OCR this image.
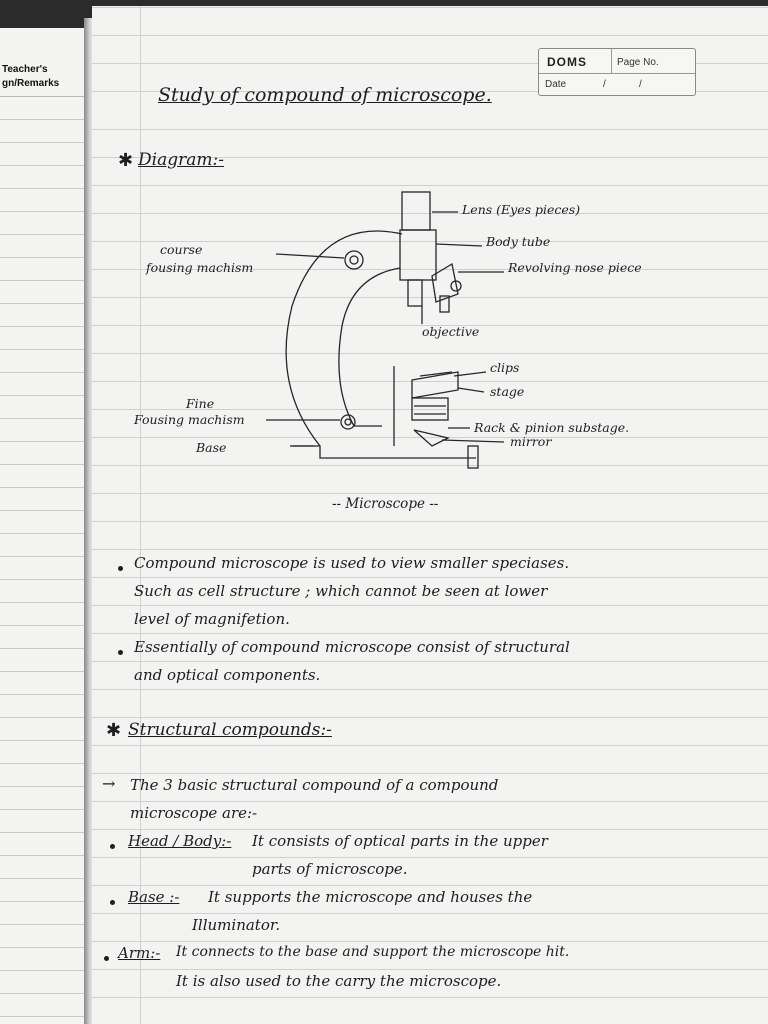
Teacher's
gn/Remarks
DOMS	Page No.
Date	/	/
Study of compound of microscope.
✱ Diagram:-
Lens (Eyes pieces)
Body tube
Revolving nose piece
course
fousing machism
objective
clips
stage
Fine
Fousing machism
Rack & pinion substage.
mirror
Base
-- Microscope --
Compound microscope is used to view smaller speciases.
Such as cell structure ; which cannot be seen at lower
level of magnifetion.
Essentially of compound microscope consist of structural
and optical components.
✱ Structural compounds:-
→ The 3 basic structural compound of a compound
microscope are:-
Head / Body:- It consists of optical parts in the upper
parts of microscope.
Base :- It supports the microscope and houses the
Illuminator.
Arm:- It connects to the base and support the microscope hit.
It is also used to the carry the microscope.
